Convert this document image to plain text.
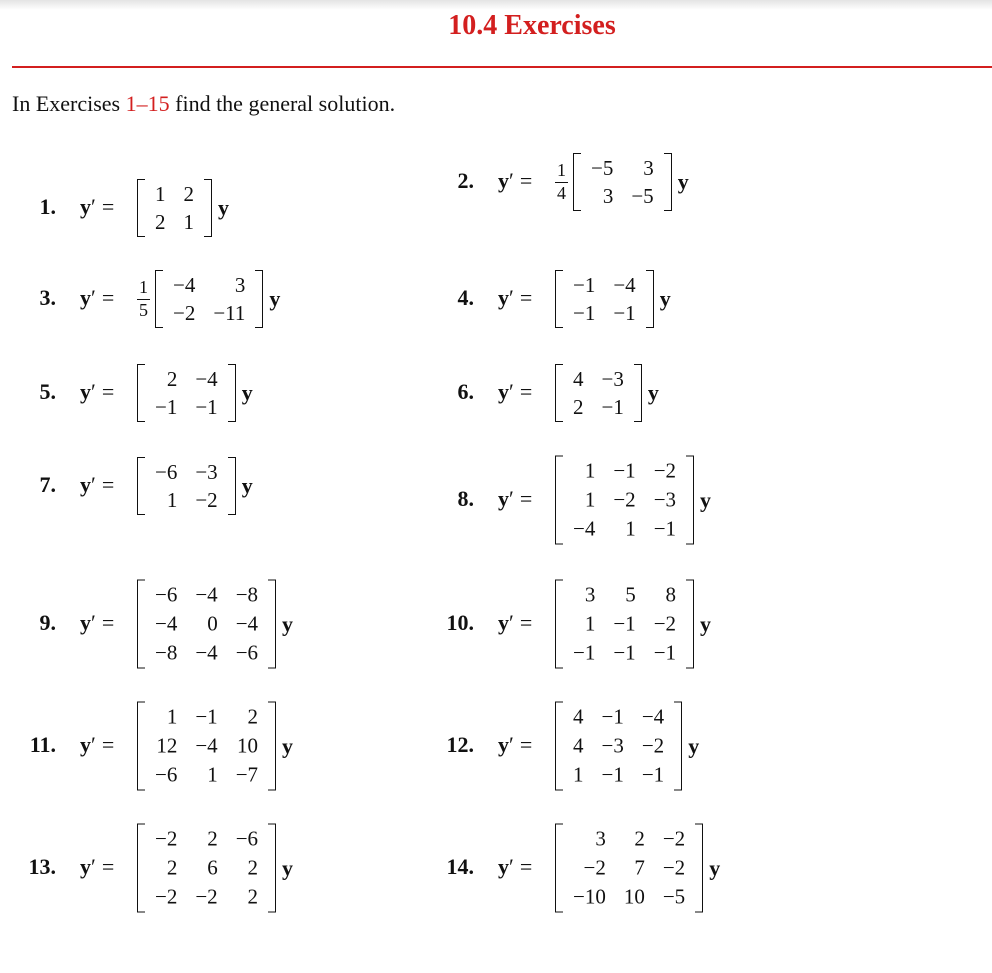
10.4 Exercises
In Exercises 1–15 find the general solution.
1. y′ = 1 2
2 1
y
2. $y' = \frac{1}{4} -5$	3
3 −5
y
3. $y' = \frac{1}{5} -4$	3
−2 −11
y	4. y′ = −1 −4
−1 −1
y
5. y′ =	2 −4
−1 −1
y	6. y′ = 4 −3
2 −1
y
7. y′ = −6 −3
1 −2
y
8. y′ =
1 −1 −2
1 −2 −3
−4	1 −1
y
9. y′ =
−6 −4 −8
−4	0 −4
−8 −4 −6
y	10. y′ =
3	5	8
1 −1 −2
−1 −1 −1
y
11. y′ =
1 −1	2
12 −4 10
−6	1 −7
y	12. y′ =
4 −1 −4
4 −3 −2
1 −1 −1
y
13. y′ =
−2	2 −6
2	6	2
−2 −2	2
y	14. y′ =
3	2 −2
−2	7 −2
−10 10 −5
y
